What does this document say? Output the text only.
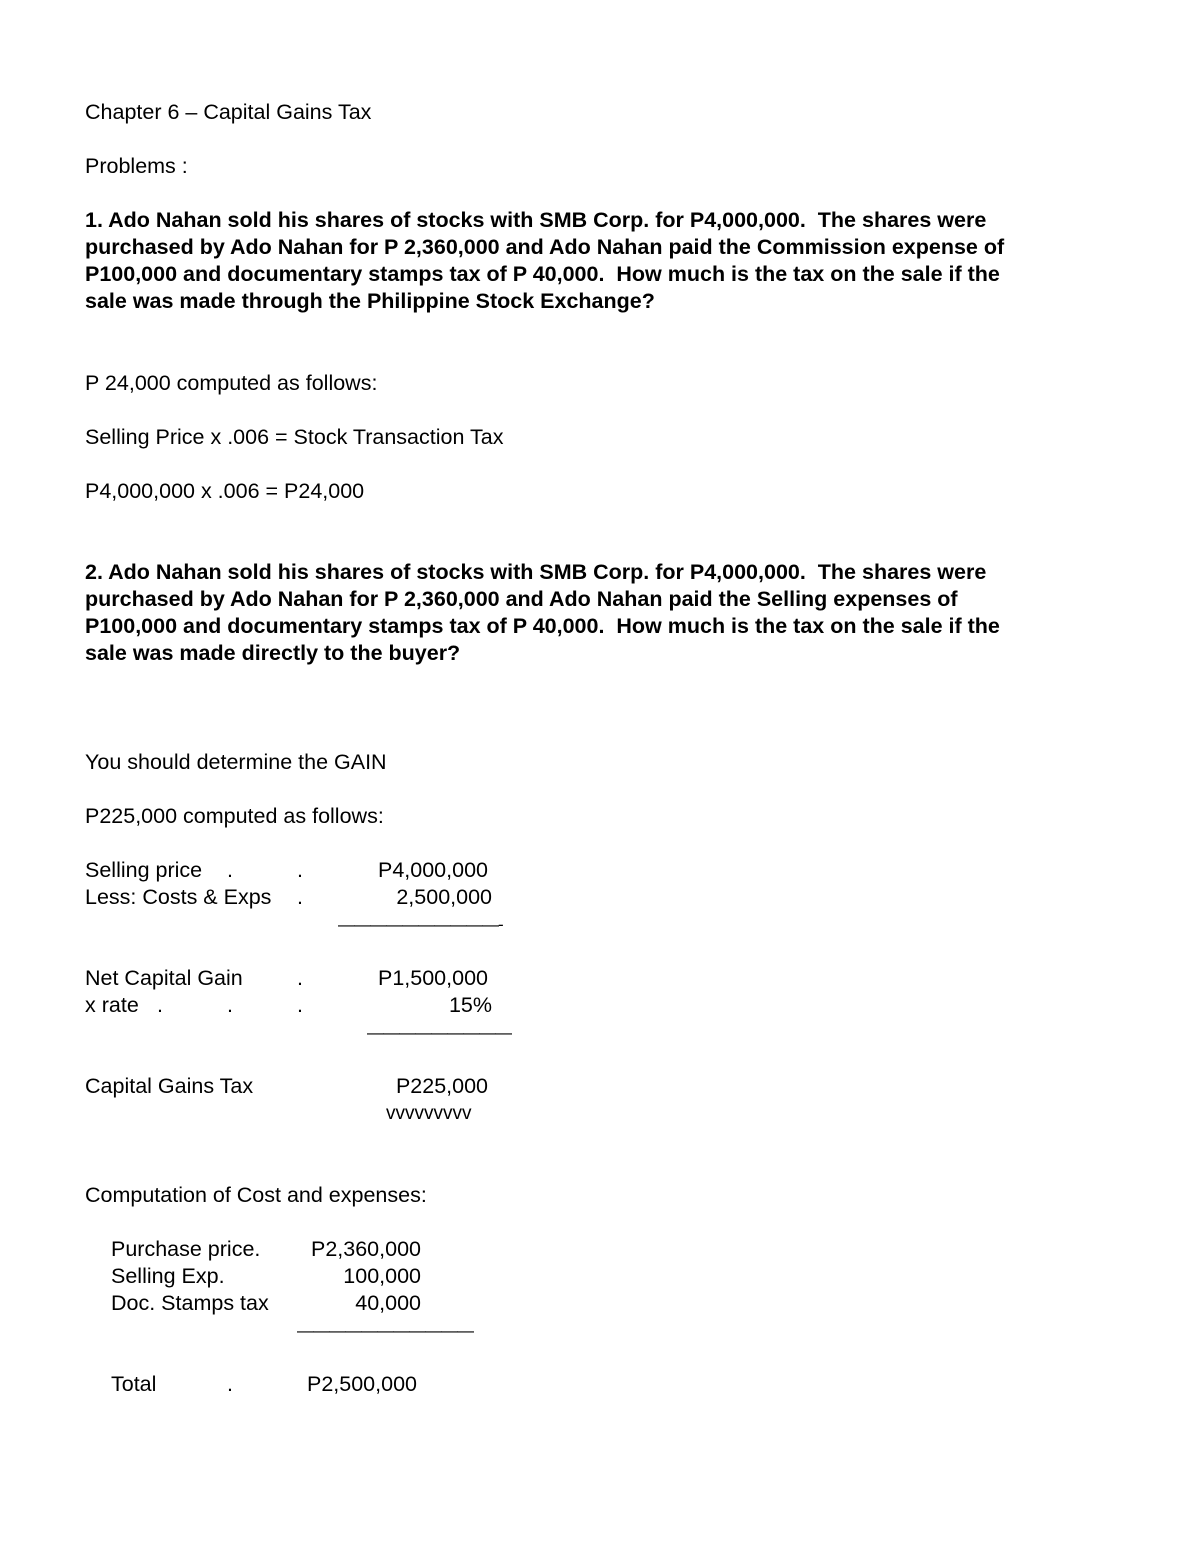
Chapter 6 – Capital Gains Tax
Problems :
1. Ado Nahan sold his shares of stocks with SMB Corp. for P4,000,000.  The shares were
purchased by Ado Nahan for P 2,360,000 and Ado Nahan paid the Commission expense of
P100,000 and documentary stamps tax of P 40,000.  How much is the tax on the sale if the
sale was made through the Philippine Stock Exchange?
P 24,000 computed as follows:
Selling Price x .006 = Stock Transaction Tax
P4,000,000 x .006 = P24,000
2. Ado Nahan sold his shares of stocks with SMB Corp. for P4,000,000.  The shares were
purchased by Ado Nahan for P 2,360,000 and Ado Nahan paid the Selling expenses of
P100,000 and documentary stamps tax of P 40,000.  How much is the tax on the sale if the
sale was made directly to the buyer?
You should determine the GAIN
P225,000 computed as follows:
Selling price .	.	P4,000,000
Less: Costs & Exps .	2,500,000
——————————-
Net Capital Gain	.	P1,500,000
x rate .	.	.	15%
—————————
Capital Gains Tax	P225,000
vvvvvvvvv
Computation of Cost and expenses:
Purchase price.	P2,360,000
Selling Exp.	100,000
Doc. Stamps tax	40,000
———————————
Total	.	P2,500,000
